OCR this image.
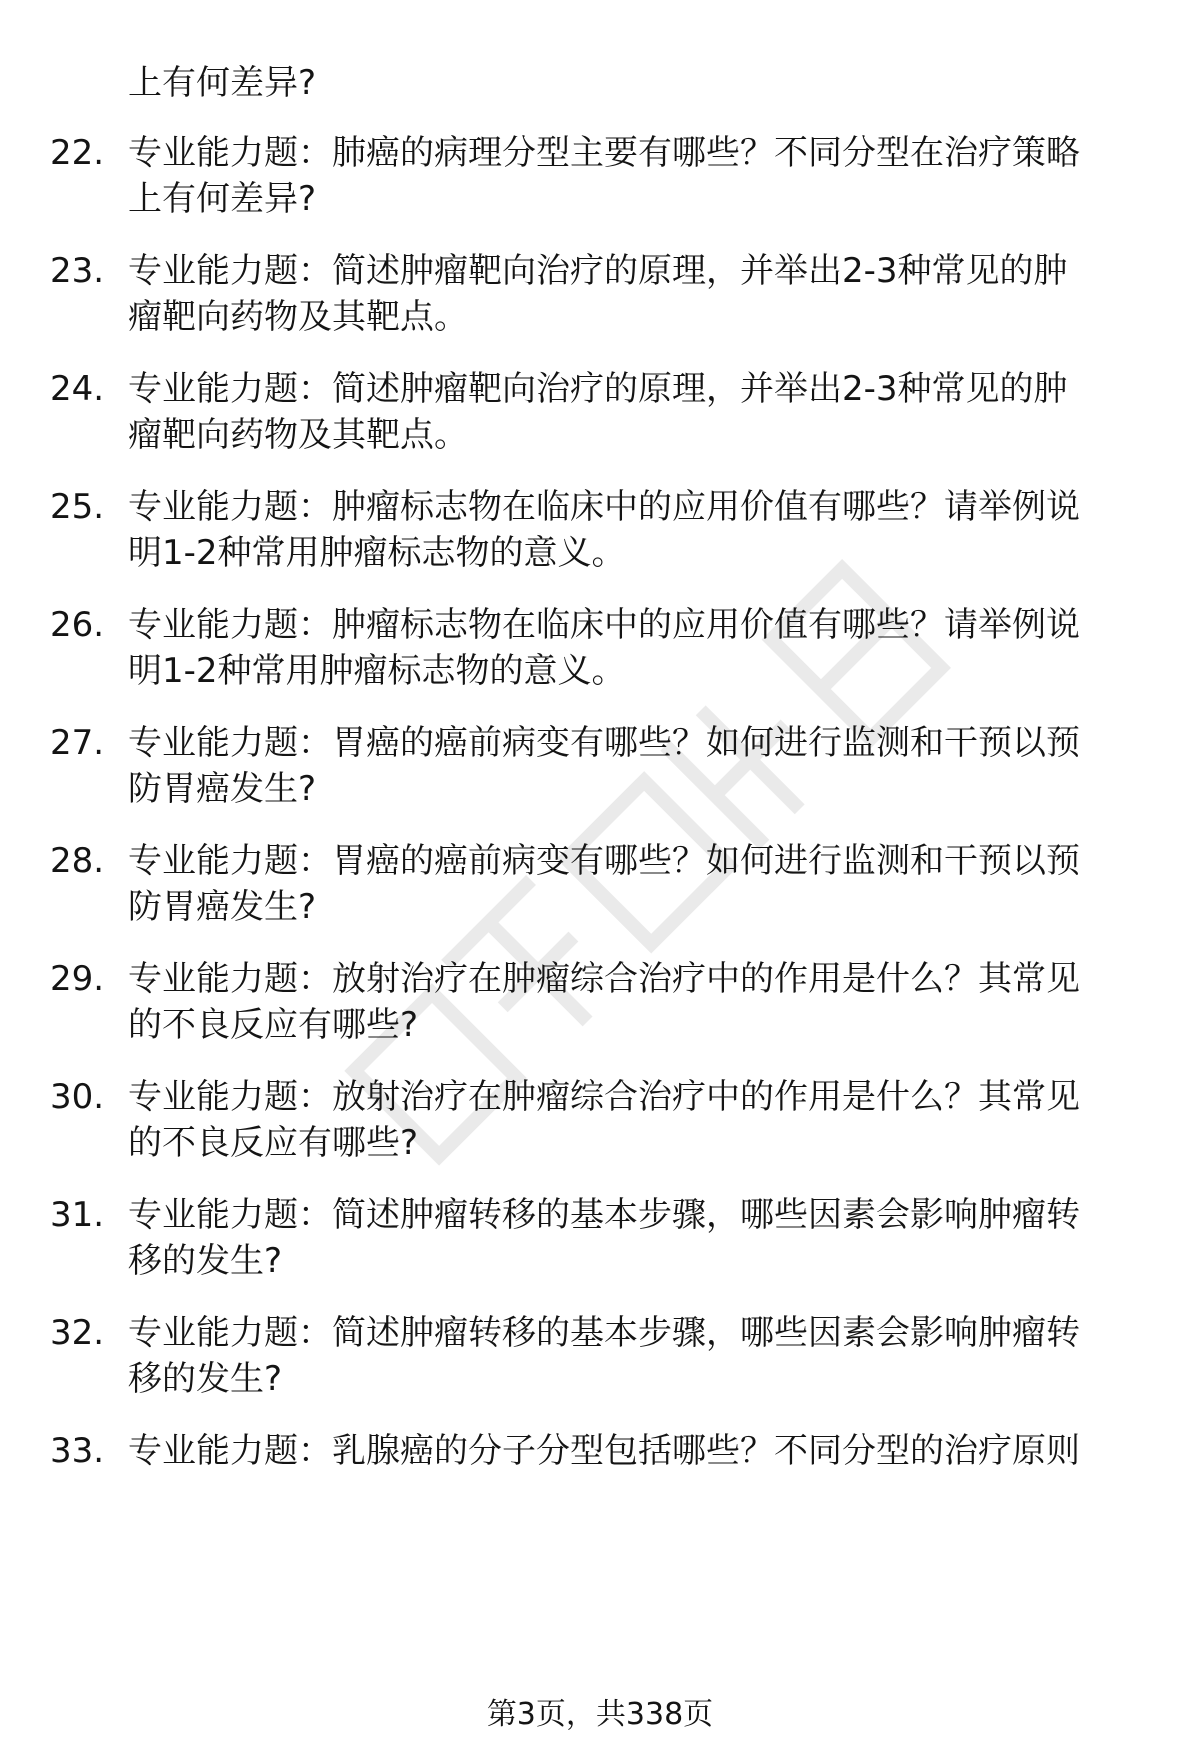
上有何差异?
22. 专业能力题：肺癌的病理分型主要有哪些？不同分型在治疗策略
上有何差异?
23. 专业能力题：简述肿瘤靶向治疗的原理，并举出2-3种常见的肿
瘤靶向药物及其靶点。
24. 专业能力题：简述肿瘤靶向治疗的原理，并举出2-3种常见的肿
瘤靶向药物及其靶点。
25. 专业能力题：肿瘤标志物在临床中的应用价值有哪些？请举例说
明1-2种常用肿瘤标志物的意义。
26. 专业能力题：肿瘤标志物在临床中的应用价值有哪些？请举例说
明1-2种常用肿瘤标志物的意义。
27. 专业能力题：胃癌的癌前病变有哪些？如何进行监测和干预以预
防胃癌发生?
28. 专业能力题：胃癌的癌前病变有哪些？如何进行监测和干预以预
防胃癌发生?
29. 专业能力题：放射治疗在肿瘤综合治疗中的作用是什么？其常见
的不良反应有哪些?
30. 专业能力题：放射治疗在肿瘤综合治疗中的作用是什么？其常见
的不良反应有哪些?
31. 专业能力题：简述肿瘤转移的基本步骤，哪些因素会影响肿瘤转
移的发生?
32. 专业能力题：简述肿瘤转移的基本步骤，哪些因素会影响肿瘤转
移的发生?
33. 专业能力题：乳腺癌的分子分型包括哪些？不同分型的治疗原则
第3页，共338页
